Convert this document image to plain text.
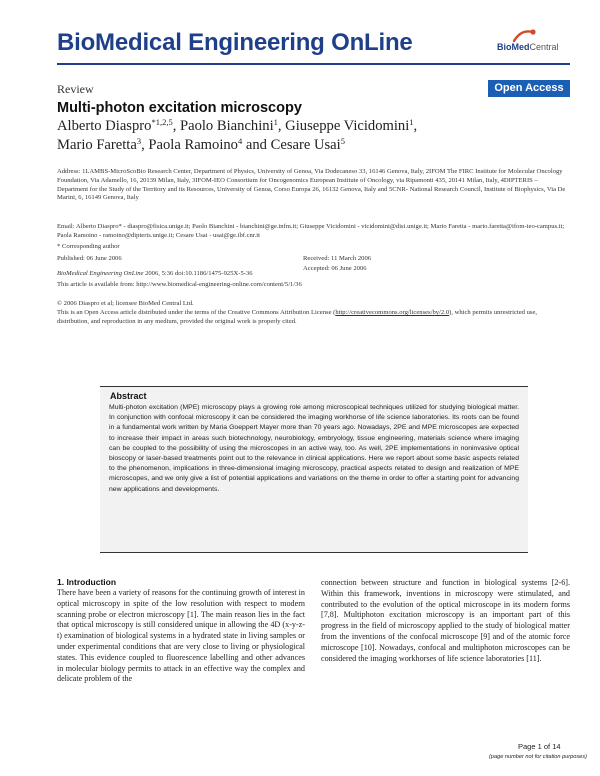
BioMedical Engineering OnLine	BioMedCentral
Review	Open Access
Multi-photon excitation microscopy
Alberto Diaspro$^{*1,2,5}$, Paolo Bianchini$^1$, Giuseppe Vicidomini$^1$,
Mario Faretta$^3$, Paola Ramoino$^4$ and Cesare Usai$^5$
Address: 1LAMBS-MicroScoBio Research Center, Department of Physics, University of Genoa, Via Dodecaneso 33, 16146 Genova, Italy, 2IFOM The FIRC Institute for Molecular Oncology Foundation, Via Adamello, 16, 20139 Milan, Italy, 3IFOM-IEO Consortium for Oncogenomics European Institute of Oncology, via Ripamonti 435, 20141 Milan, Italy, 4DIPTERIS – Department for the Study of the Territory and its Resources, University of Genoa, Corso Europa 26, 16132 Genova, Italy and 5CNR- National Research Council, Institute of Biophysics, Via De Marini, 6, 16149 Genova, Italy
Email: Alberto Diaspro* - diaspro@fisica.unige.it; Paolo Bianchini - bianchini@ge.infm.it; Giuseppe Vicidomini - vicidomini@disi.unige.it; Mario Faretta - mario.faretta@ifom-ieo-campus.it; Paola Ramoino - ramoino@dipteris.unige.it; Cesare Usai - usai@ge.ibf.cnr.it
* Corresponding author
Published: 06 June 2006	Received: 11 March 2006
Accepted: 06 June 2006
BioMedical Engineering OnLine 2006, 5:36 doi:10.1186/1475-925X-5-36
This article is available from: http://www.biomedical-engineering-online.com/content/5/1/36
© 2006 Diaspro et al; licensee BioMed Central Ltd.
This is an Open Access article distributed under the terms of the Creative Commons Attribution License (http://creativecommons.org/licenses/by/2.0), which permits unrestricted use, distribution, and reproduction in any medium, provided the original work is properly cited.
Abstract
Multi-photon excitation (MPE) microscopy plays a growing role among microscopical techniques utilized for studying biological matter. In conjunction with confocal microscopy it can be considered the imaging workhorse of life science laboratories. Its roots can be found in a fundamental work written by Maria Goeppert Mayer more than 70 years ago. Nowadays, 2PE and MPE microscopes are expected to increase their impact in areas such biotechnology, neurobiology, embryology, tissue engineering, materials science where imaging can be coupled to the possibility of using the microscopes in an active way, too. As well, 2PE implementations in noninvasive optical bioscopy or laser-based treatments point out to the relevance in clinical applications. Here we report about some basic aspects related to the phenomenon, implications in three-dimensional imaging microscopy, practical aspects related to design and realization of MPE microscopes, and we only give a list of potential applications and variations on the theme in order to offer a starting point for advancing new applications and developments.
1. Introduction
There have been a variety of reasons for the continuing growth of interest in optical microscopy in spite of the low resolution with respect to modern scanning probe or electron microscopy [1]. The main reason lies in the fact that optical microscopy is still considered unique in allowing the 4D (x-y-z-t) examination of biological systems in a hydrated state in living samples or under experimental conditions that are very close to living or physiological states. This evidence coupled to fluorescence labelling and other advances in molecular biology permits to attack in an effective way the complex and delicate problem of the
connection between structure and function in biological systems [2-6]. Within this framework, inventions in microscopy were stimulated, and contributed to the evolution of the optical microscope in its modern forms [7,8]. Multiphoton excitation microscopy is an important part of this progress in the field of microscopy applied to the study of biological matter from the inventions of the confocal microscope [9] and of the atomic force microscope [10]. Nowadays, confocal and multiphoton microscopes can be considered the imaging workhorses of life science laboratories [11].
Page 1 of 14
(page number not for citation purposes)
